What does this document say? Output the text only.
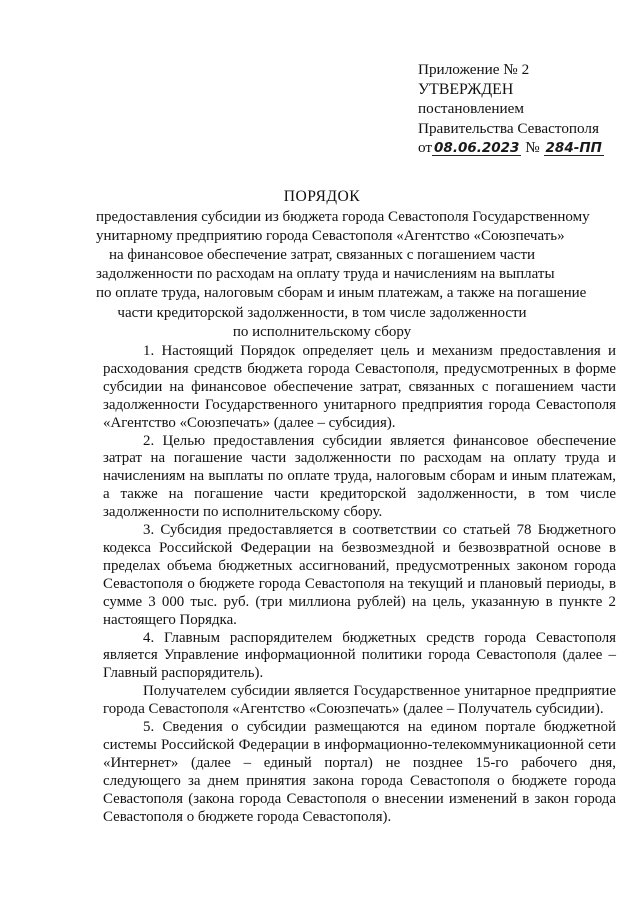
Приложение № 2
УТВЕРЖДЕН
постановлением
Правительства Севастополя
от 08.06.2023 № 284-ПП
ПОРЯДОК
предоставления субсидии из бюджета города Севастополя Государственному
унитарному предприятию города Севастополя «Агентство «Союзпечать»
на финансовое обеспечение затрат, связанных с погашением части
задолженности по расходам на оплату труда и начислениям на выплаты
по оплате труда, налоговым сборам и иным платежам, а также на погашение
части кредиторской задолженности, в том числе задолженности
по исполнительскому сбору

1. Настоящий Порядок определяет цель и механизм предоставления и расходования средств бюджета города Севастополя, предусмотренных в форме субсидии на финансовое обеспечение затрат, связанных с погашением части задолженности Государственного унитарного предприятия города Севастополя «Агентство «Союзпечать» (далее – субсидия).

2. Целью предоставления субсидии является финансовое обеспечение затрат на погашение части задолженности по расходам на оплату труда и начислениям на выплаты по оплате труда, налоговым сборам и иным платежам, а также на погашение части кредиторской задолженности, в том числе задолженности по исполнительскому сбору.

3. Субсидия предоставляется в соответствии со статьей 78 Бюджетного кодекса Российской Федерации на безвозмездной и безвозвратной основе в пределах объема бюджетных ассигнований, предусмотренных законом города Севастополя о бюджете города Севастополя на текущий и плановый периоды, в сумме 3 000 тыс. руб. (три миллиона рублей) на цель, указанную в пункте 2 настоящего Порядка.

4. Главным распорядителем бюджетных средств города Севастополя является Управление информационной политики города Севастополя (далее – Главный распорядитель).

Получателем субсидии является Государственное унитарное предприятие города Севастополя «Агентство «Союзпечать» (далее – Получатель субсидии).

5. Сведения о субсидии размещаются на едином портале бюджетной системы Российской Федерации в информационно-телекоммуникационной сети «Интернет» (далее – единый портал) не позднее 15-го рабочего дня, следующего за днем принятия закона города Севастополя о бюджете города Севастополя (закона города Севастополя о внесении изменений в закон города Севастополя о бюджете города Севастополя).
